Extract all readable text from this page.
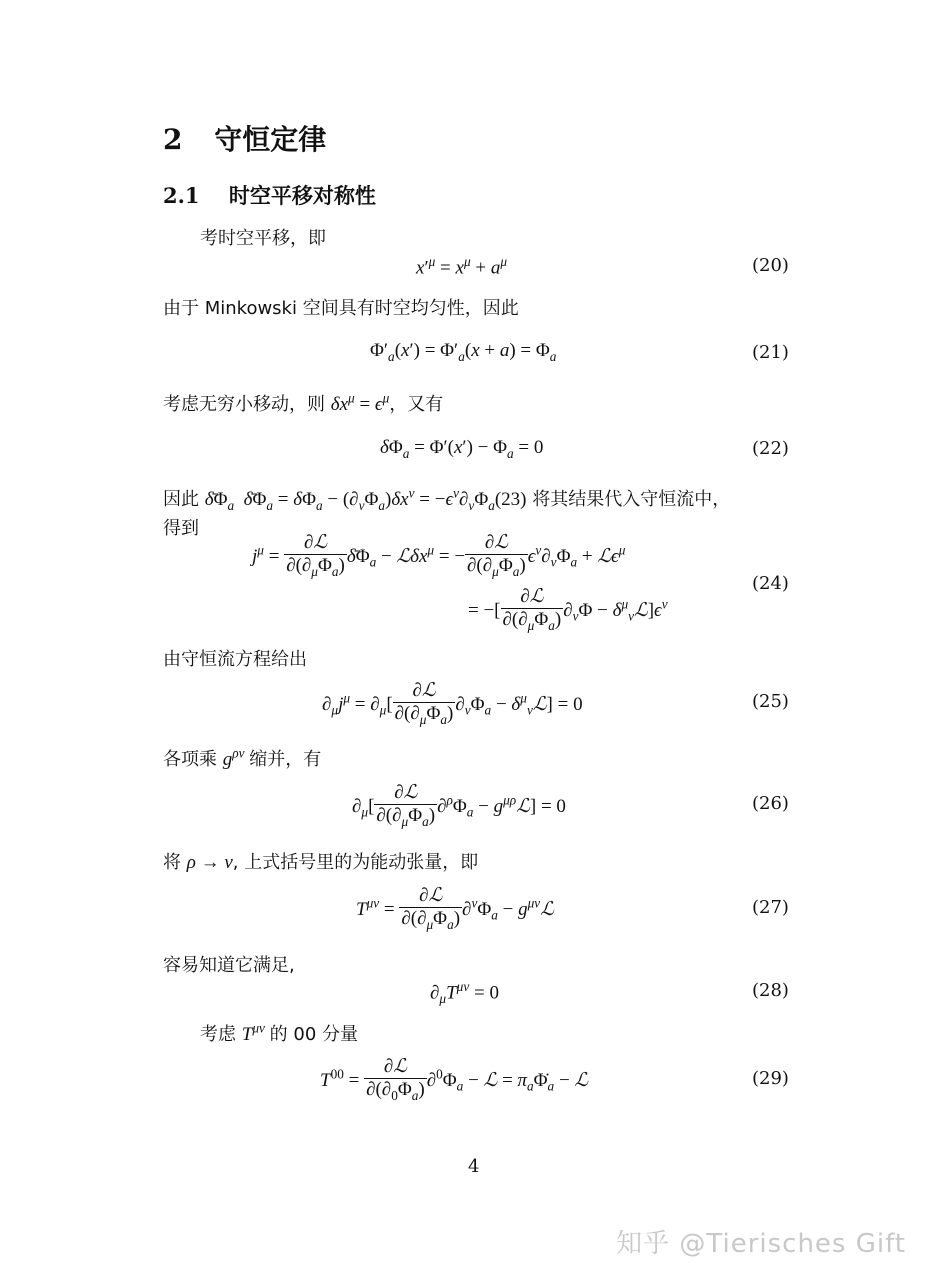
2 守恒定律
2.1 时空平移对称性
考时空平移，即
$x'^\mu = x^\mu + a^\mu$	(20)
由于 Minkowski 空间具有时空均匀性，因此
$\Phi'_a(x') = \Phi'_a(x + a) = \Phi_a$	(21)
考虑无穷小移动，则 $\delta x^\mu = \epsilon^\mu$，又有
$\delta\Phi_a = \Phi'(x') - \Phi_a = 0$	(22)
因此 $\deltā\Phi_a$ $\deltā\Phi_a = \delta\Phi_a - (\partial_\nu\Phi_a)\delta x^\nu = -\epsilon^\nu\partial_\nu\Phi_a(23)$ 将其结果代入守恒流中，
得到
$j^\mu = \frac{\text{∂ℒ}}{\partial(\partial_\mu\Phi_a)}$ $\deltā\Phi_a$ − ℒδx$^\mu$ = − $\frac{\text{∂ℒ}}{\partial(\partial_\mu\Phi_a)} \epsilon^\nu\partial_\nu\Phi_a$ + ℒϵ$^\mu$
= −[ $\frac{\text{∂ℒ}}{\partial(\partial_\mu\Phi_a)} \partial_\nu\Phi$ − $\delta^\mu_\nu ℒ]\epsilon^\nu$
(24)
由守恒流方程给出
$\partial_\mu j^\mu = \partial_\mu[ \frac{\text{∂ℒ}}{\partial(\partial_\mu\Phi_a)} \partial_\nu\Phi_a$ − $\delta^\mu_\nu ℒ] = 0$	(25)
各项乘 $g^{\rho\nu}$ 缩并，有
$\partial_\mu[ \frac{\text{∂ℒ}}{\partial(\partial_\mu\Phi_a)} \partial^\rho\Phi_a$ − $g^{\mu\rho}ℒ] = 0$	(26)
将 ρ → ν, 上式括号里的为能动张量，即
$T^{\mu\nu} = \frac{\text{∂ℒ}}{\partial(\partial_\mu\Phi_a)} \partial^\nu\Phi_a$ − $g^{\mu\nu}ℒ$	(27)
容易知道它满足,
$\partial_\mu T^{\mu\nu} = 0$	(28)
考虑 $T^{\mu\nu}$ 的 00 分量
$T^{00} = \frac{\text{∂ℒ}}{\partial(\partial_0\Phi_a)} \partial^0\Phi_a$ − ℒ = $\pi_a\Phi̇_a$ − ℒ	(29)
4
知乎 @Tierisches Gift
